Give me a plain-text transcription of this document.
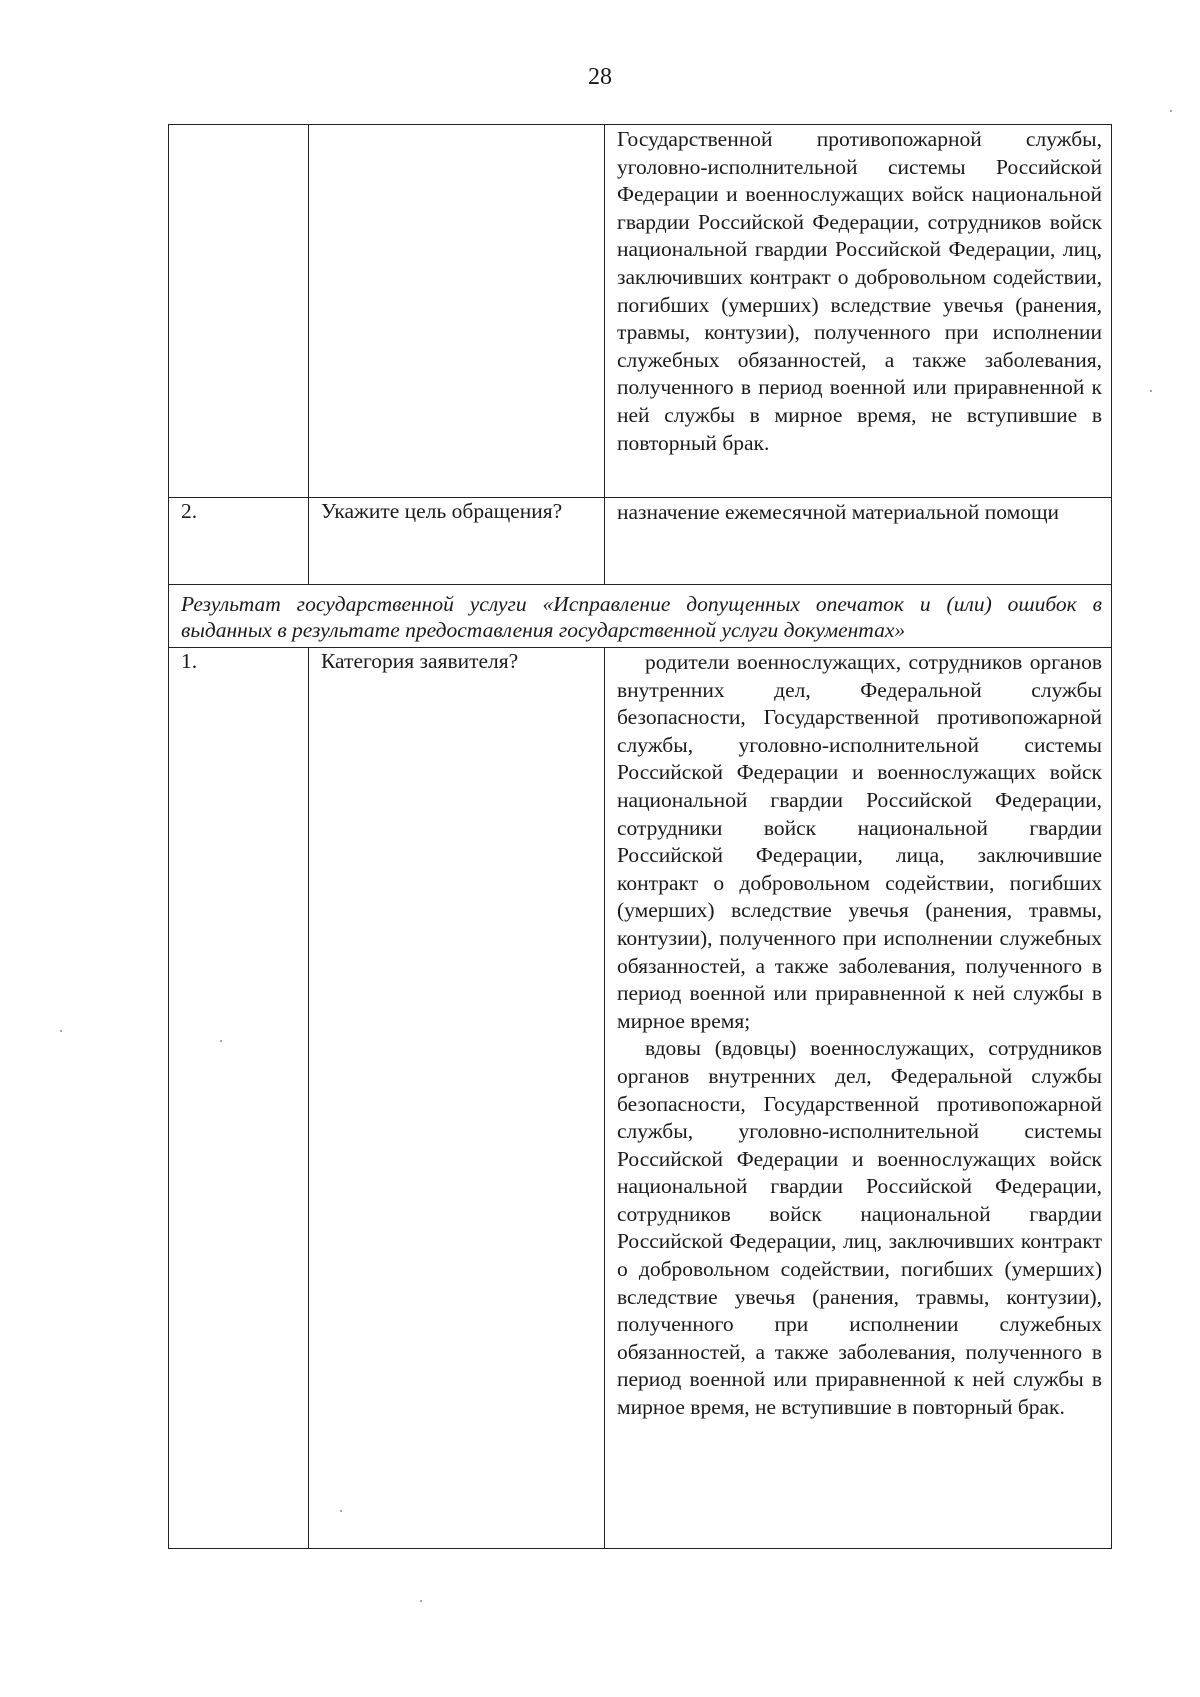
28

		Государственной противопожарной службы, уголовно-исполнительной системы Российской Федерации и военнослужащих войск национальной гвардии Российской Федерации, сотрудников войск национальной гвардии Российской Федерации, лиц, заключивших контракт о добровольном содействии, погибших (умерших) вследствие увечья (ранения, травмы, контузии), полученного при исполнении служебных обязанностей, а также заболевания, полученного в период военной или приравненной к ней службы в мирное время, не вступившие в повторный брак.

2.	Укажите цель обращения?	назначение ежемесячной материальной помощи

Результат государственной услуги «Исправление допущенных опечаток и (или) ошибок в выданных в результате предоставления государственной услуги документах»		

1.	Категория заявителя?	родители военнослужащих, сотрудников органов внутренних дел, Федеральной службы безопасности, Государственной противопожарной службы, уголовно-исполнительной системы Российской Федерации и военнослужащих войск национальной гвардии Российской Федерации, сотрудники войск национальной гвардии Российской Федерации, лица, заключившие контракт о добровольном содействии, погибших (умерших) вследствие увечья (ранения, травмы, контузии), полученного при исполнении служебных обязанностей, а также заболевания, полученного в период военной или приравненной к ней службы в мирное время;

вдовы (вдовцы) военнослужащих, сотрудников органов внутренних дел, Федеральной службы безопасности, Государственной противопожарной службы, уголовно-исполнительной системы Российской Федерации и военнослужащих войск национальной гвардии Российской Федерации, сотрудников войск национальной гвардии Российской Федерации, лиц, заключивших контракт о добровольном содействии, погибших (умерших) вследствие увечья (ранения, травмы, контузии), полученного при исполнении служебных обязанностей, а также заболевания, полученного в период военной или приравненной к ней службы в мирное время, не вступившие в повторный брак.
